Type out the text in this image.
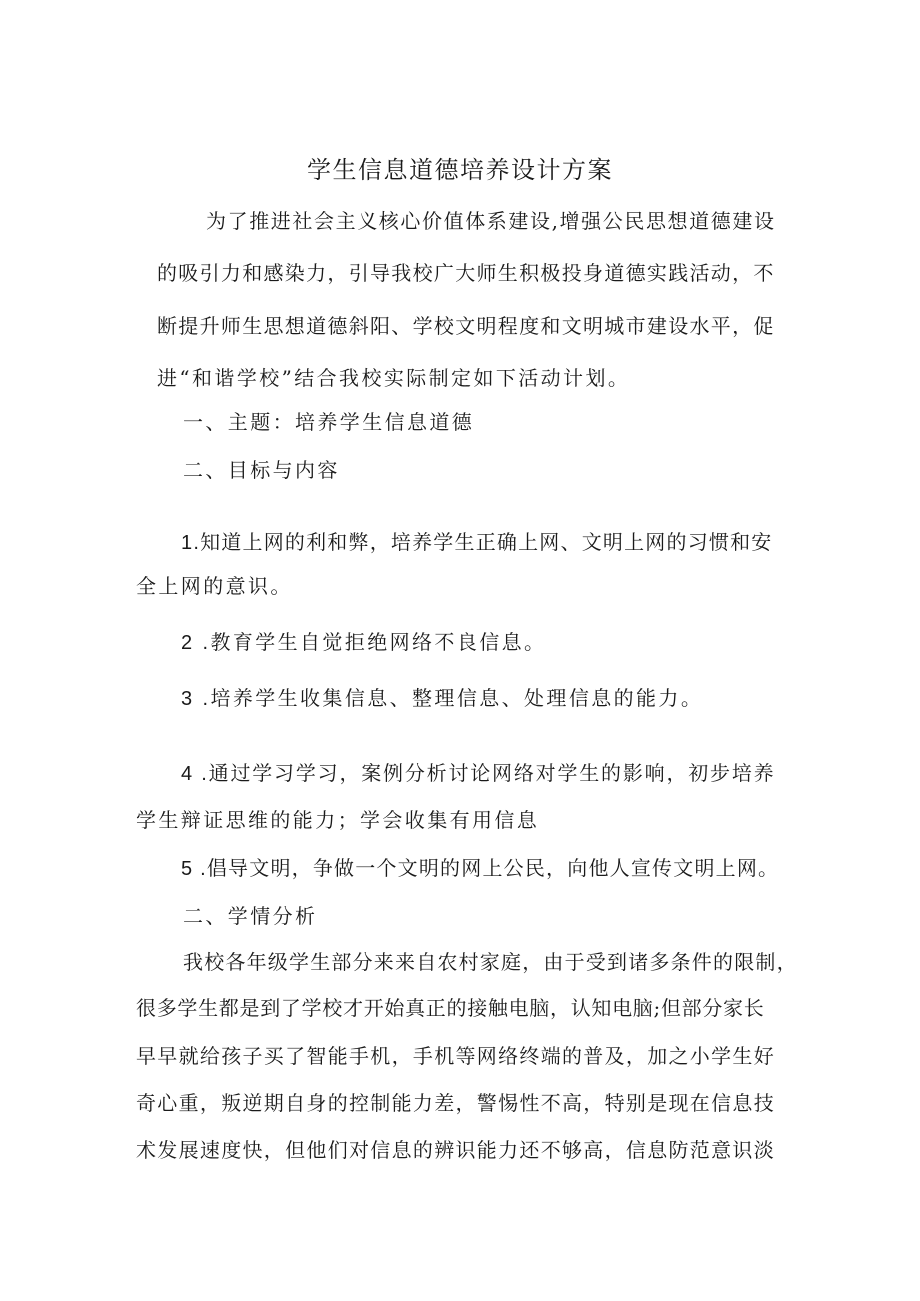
学生信息道德培养设计方案
为了推进社会主义核心价值体系建设,增强公民思想道德建设
的吸引力和感染力，引导我校广大师生积极投身道德实践活动，不
断提升师生思想道德斜阳、学校文明程度和文明城市建设水平，促
进“和谐学校”结合我校实际制定如下活动计划。
一、主题：培养学生信息道德
二、目标与内容
1.知道上网的利和弊，培养学生正确上网、文明上网的习惯和安
全上网的意识。
2 .教育学生自觉拒绝网络不良信息。
3 .培养学生收集信息、整理信息、处理信息的能力。
4 .通过学习学习，案例分析讨论网络对学生的影响，初步培养
学生辩证思维的能力；学会收集有用信息
5 .倡导文明，争做一个文明的网上公民，向他人宣传文明上网。
二、学情分析
我校各年级学生部分来来自农村家庭，由于受到诸多条件的限制，
很多学生都是到了学校才开始真正的接触电脑，认知电脑;但部分家长
早早就给孩子买了智能手机，手机等网络终端的普及，加之小学生好
奇心重，叛逆期自身的控制能力差，警惕性不高，特别是现在信息技
术发展速度快，但他们对信息的辨识能力还不够高，信息防范意识淡
